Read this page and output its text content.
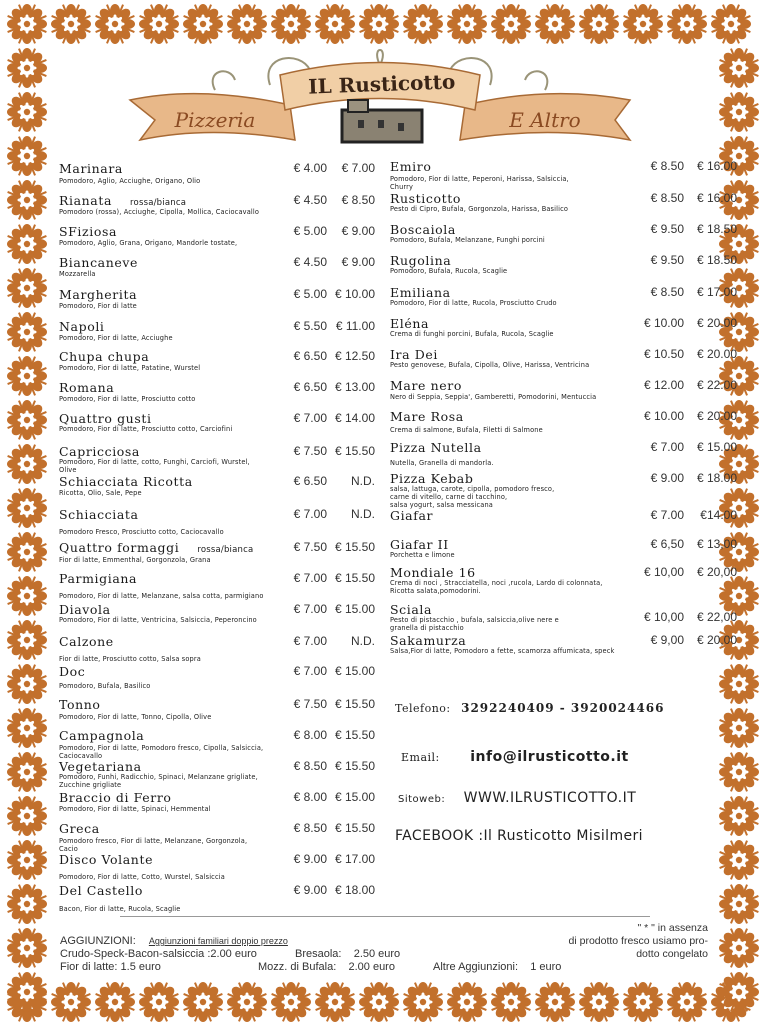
IL Rusticotto
Pizzeria	E Altro
Marinara
Pomodoro, Aglio, Acciughe, Origano, Olio
€ 4.00	€ 7.00
Rianata rossa/bianca
Pomodoro (rossa), Acciughe, Cipolla, Mollica, Caciocavallo
€ 4.50	€ 8.50
SFiziosa
Pomodoro, Aglio, Grana, Origano, Mandorle tostate,
€ 5.00	€ 9.00
Biancaneve
Mozzarella
€ 4.50	€ 9.00
Margherita
Pomodoro, Fior di latte
€ 5.00 € 10.00
Napoli
Pomodoro, Fior di latte, Acciughe
€ 5.50 € 11.00
Chupa chupa
Pomodoro, Fior di latte, Patatine, Wurstel
€ 6.50 € 12.50
Romana
Pomodoro, Fior di latte, Prosciutto cotto
€ 6.50 € 13.00
Quattro gusti
Pomodoro, Fior di latte, Prosciutto cotto, Carciofini
€ 7.00 € 14.00
Capricciosa
Pomodoro, Fior di latte, cotto, Funghi, Carciofi, Wurstel,
Olive
€ 7.50 € 15.50
Schiacciata Ricotta
Ricotta, Olio, Sale, Pepe
€ 6.50	N.D.
Schiacciata
Pomodoro Fresco, Prosciutto cotto, Caciocavallo
€ 7.00	N.D.
Quattro formaggi rossa/bianca
Fior di latte, Emmenthal, Gorgonzola, Grana
€ 7.50 € 15.50
Parmigiana
Pomodoro, Fior di latte, Melanzane, salsa cotta, parmigiano
€ 7.00 € 15.50
Diavola
Pomodoro, Fior di latte, Ventricina, Salsiccia, Peperoncino
€ 7.00 € 15.00
Calzone
Fior di latte, Prosciutto cotto, Salsa sopra
€ 7.00	N.D.
Doc
Pomodoro, Bufala, Basilico
€ 7.00 € 15.00
Tonno
Pomodoro, Fior di latte, Tonno, Cipolla, Olive
€ 7.50 € 15.50
Campagnola
Pomodoro, Fior di latte, Pomodoro fresco, Cipolla, Salsiccia,
Caciocavallo
€ 8.00 € 15.50
Vegetariana
Pomodoro, Funhi, Radicchio, Spinaci, Melanzane grigliate,
Zucchine grigliate
€ 8.50 € 15.50
Braccio di Ferro
Pomodoro, Fior di latte, Spinaci, Hemmental
€ 8.00 € 15.00
Greca
Pomodoro fresco, Fior di latte, Melanzane, Gorgonzola,
Cacio
€ 8.50 € 15.50
Disco Volante
Pomodoro, Fior di latte, Cotto, Wurstel, Salsiccia
€ 9.00 € 17.00
Del Castello
Bacon, Fior di latte, Rucola, Scaglie
€ 9.00 € 18.00
Emiro
Pomodoro, Fior di latte, Peperoni, Harissa, Salsiccia,
Churry
€ 8.50	€ 16.00
Rusticotto
Pesto di Cipro, Bufala, Gorgonzola, Harissa, Basilico
€ 8.50	€ 16.00
Boscaiola
Pomodoro, Bufala, Melanzane, Funghi porcini
€ 9.50	€ 18.50
Rugolina
Pomodoro, Bufala, Rucola, Scaglie
€ 9.50	€ 18.50
Emiliana
Pomodoro, Fior di latte, Rucola, Prosciutto Crudo
€ 8.50	€ 17.00
Eléna
Crema di funghi porcini, Bufala, Rucola, Scaglie
€ 10.00	€ 20.00
Ira Dei
Pesto genovese, Bufala, Cipolla, Olive, Harissa, Ventricina
€ 10.50	€ 20.00
Mare nero
Nero di Seppia, Seppia', Gamberetti, Pomodorini, Mentuccia
€ 12.00	€ 22.00
Mare Rosa
Crema di salmone, Bufala, Filetti di Salmone
€ 10.00	€ 20.00
Pizza Nutella
Nutella, Granella di mandorla.
€ 7.00	€ 15.00
Pizza Kebab
salsa, lattuga, carote, cipolla, pomodoro fresco,
carne di vitello, carne di tacchino,
salsa yogurt, salsa messicana
€ 9.00	€ 18.00
Giafar	€ 7.00	€14.00
Giafar II
Porchetta e limone
€ 6,50	€ 13,00
Mondiale 16
Crema di noci , Stracciatella, noci ,rucola, Lardo di colonnata,
Ricotta salata,pomodorini.
€ 10,00	€ 20,00
Sciala
Pesto di pistacchio , bufala, salsiccia,olive nere e
granella di pistacchio
€ 10,00	€ 22,00
Sakamurza
Salsa,Fior di latte, Pomodoro a fette, scamorza affumicata, speck
€ 9,00	€ 20,00
Telefono: 3292240409 - 3920024466
Email: info@ilrusticotto.it
Sitoweb: WWW.ILRUSTICOTTO.IT
FACEBOOK :Il Rusticotto Misilmeri
AGGIUNZIONI: Aggiunzioni familiari doppio prezzo
Crudo-Speck-Bacon-salsiccia :2.00 euro	Bresaola:    2.50 euro
Fior di latte: 1.5 euro	Mozz. di Bufala:    2.00 euro	Altre Aggiunzioni:    1 euro
" * " in assenza
di prodotto fresco usiamo pro-
dotto congelato
